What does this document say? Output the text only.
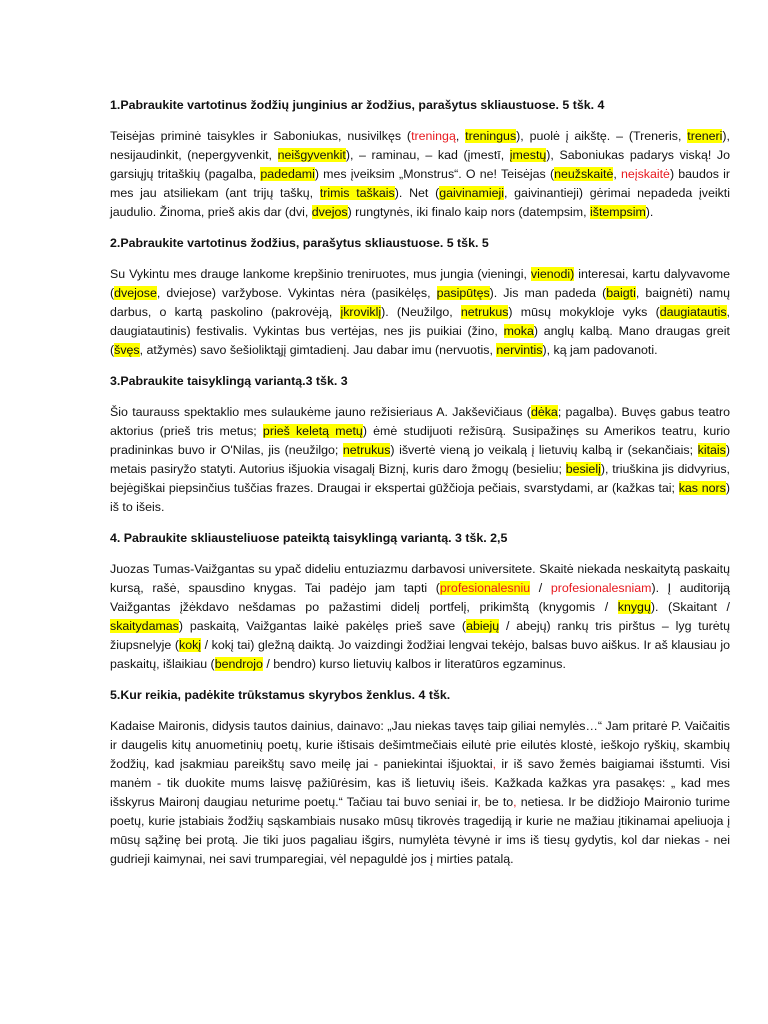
1.Pabraukite vartotinus žodžių junginius ar žodžius, parašytus skliaustuose. 5 tšk. 4
Teisėjas priminė taisykles ir Saboniukas, nusivilkęs (treningą, treningus), puolė į aikštę. – (Treneris, treneri), nesijaudinkit, (nepergyvenkit, neišgyvenkit), – raminau, – kad (įmestī, įmestų), Saboniukas padarys viską! Jo garsiųjų tritaškių (pagalba, padedami) mes įveiksim „Monstrus“. O ne! Teisėjas (neužskaitė, neįskaitė) baudos ir mes jau atsiliekam (ant trijų taškų, trimis taškais). Net (gaivinamieji, gaivinantieji) gėrimai nepadeda įveikti jaudulio. Žinoma, prieš akis dar (dvi, dvejos) rungtynės, iki finalo kaip nors (datempsim, ištempsim).
2.Pabraukite vartotinus žodžius, parašytus skliaustuose. 5 tšk. 5
Su Vykintu mes drauge lankome krepšinio treniruotes, mus jungia (vieningi, vienodi) interesai, kartu dalyvavome (dvejose, dviejose) varžybose. Vykintas nėra (pasikėlęs, pasipūtęs). Jis man padeda (baigti, baignėti) namų darbus, o kartą paskolino (pakrovėją, įkroviklį). (Neužilgo, netrukus) mūsų mokykloje vyks (daugiatautis, daugiatautinis) festivalis. Vykintas bus vertėjas, nes jis puikiai (žino, moka) anglų kalbą. Mano draugas greit (švęs, atžymės) savo šešioliktąjį gimtadienį. Jau dabar imu (nervuotis, nervintis), ką jam padovanoti.
3.Pabraukite taisyklingą variantą.3 tšk. 3
Šio taurauss spektaklio mes sulaukėme jauno režisieriaus A. Jakševičiaus (dėka; pagalba). Buvęs gabus teatro aktorius (prieš tris metus; prieš keletą metų) ėmė studijuoti režisūrą. Susipažinęs su Amerikos teatru, kurio pradininkas buvo ir O'Nilas, jis (neužilgo; netrukus) išvertė vieną jo veikalą į lietuvių kalbą ir (sekančiais; kitais) metais pasiryžo statyti. Autorius išjuokia visagalį Biznį, kuris daro žmogų (besieliu; besielį), triuškina jis didvyrius, bejėgiškai piepsinčius tuščias frazes. Draugai ir ekspertai gūžčioja pečiais, svarstydami, ar (kažkas tai; kas nors) iš to išeis.
4. Pabraukite skliausteliuose pateiktą taisyklingą variantą. 3 tšk. 2,5
Juozas Tumas-Vaižgantas su ypač dideliu entuziazmu darbavosi universitete. Skaitė niekada neskaitytą paskaitų kursą, rašė, spausdino knygas. Tai padėjo jam tapti (profesionalesniu / profesionalesniam). Į auditoriją Vaižgantas įžėkdavo nešdamas po pažastimi didelį portfelį, prikimštą (knygomis / knygų). (Skaitant / skaitydamas) paskaitą, Vaižgantas laikė pakėlęs prieš save (abiejų / abejų) rankų tris pirštus – lyg turėtų žiupsnelyje (kokį / kokį tai) gležną daiktą. Jo vaizdingi žodžiai lengvai tekėjo, balsas buvo aiškus. Ir aš klausiau jo paskaitų, išlaikiau (bendrojo / bendro) kurso lietuvių kalbos ir literatūros egzaminus.
5.Kur reikia, padėkite trūkstamus skyrybos ženklus. 4 tšk.
Kadaise Maironis, didysis tautos dainius, dainavo: „Jau niekas tavęs taip giliai nemylės…“ Jam pritarė P. Vaičaitis ir daugelis kitų anuometinių poetų, kurie ištisais dešimtmečiais eilutė prie eilutės klostė, ieškojo ryškių, skambių žodžių, kad įsakmiau pareikštų savo meilę jai - paniekintai išjuoktai, ir iš savo žemės baigiamai išstumti. Visi manėm - tik duokite mums laisvę pažiūrėsim, kas iš lietuvių išeis. Kažkada kažkas yra pasakęs: „ kad mes išskyrus Maironį daugiau neturime poetų.“ Tačiau tai buvo seniai ir, be to, netiesa. Ir be didžiojo Maironio turime poetų, kurie įstabiais žodžių sąskambiais nusako mūsų tikrovės tragediją ir kurie ne mažiau įtikinamai apeliuoja į mūsų sąžinę bei protą. Jie tiki juos pagaliau išgirs, numylėta tėvynė ir ims iš tiesų gydytis, kol dar niekas - nei gudrieji kaimynai, nei savi trumparegiai, vėl nepaguldė jos į mirties patalą.
